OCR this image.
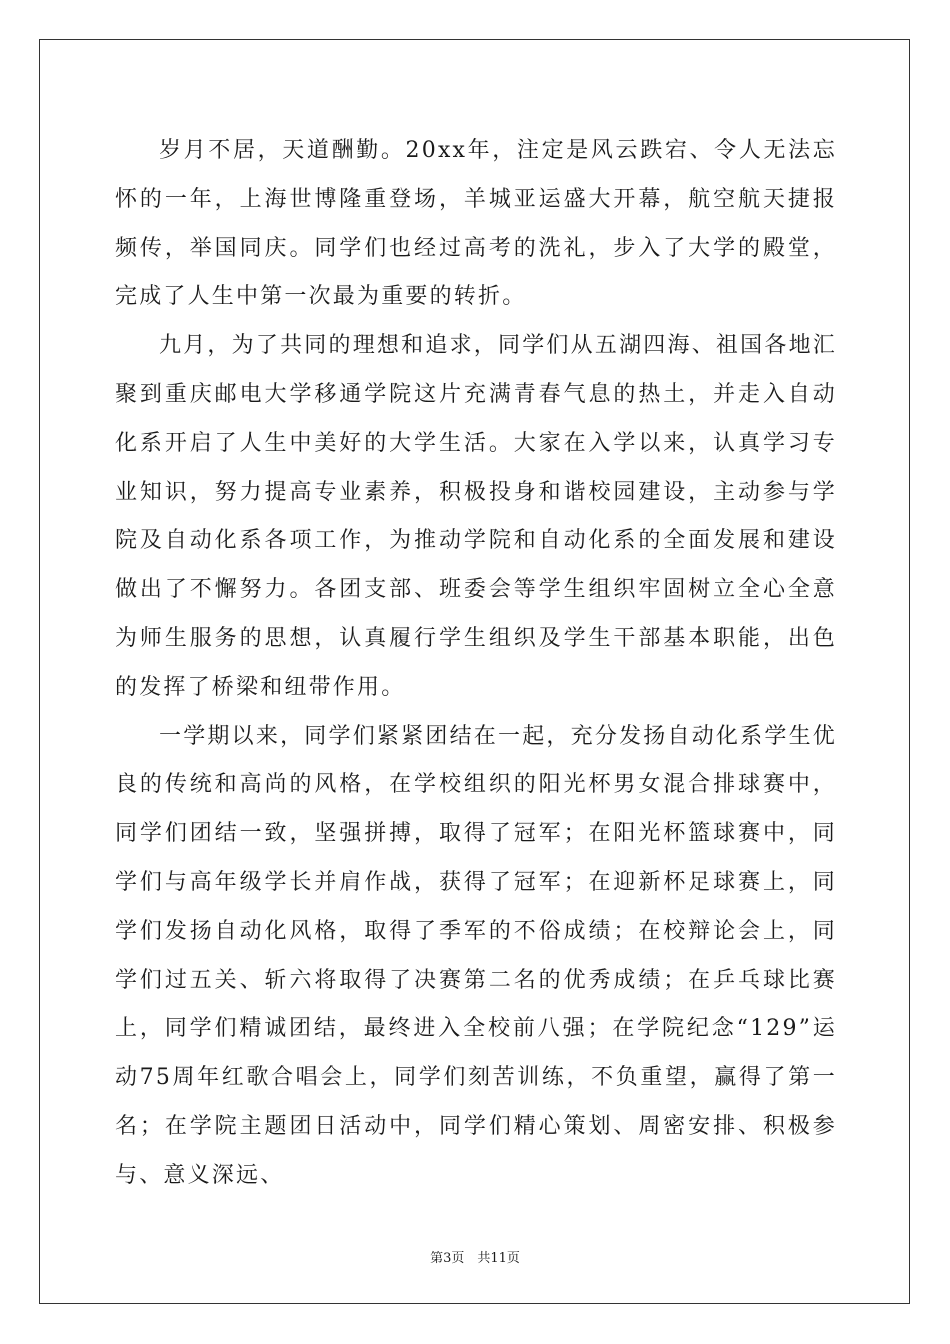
岁月不居，天道酬勤。20xx年，注定是风云跌宕、令人无法忘怀的一年，上海世博隆重登场，羊城亚运盛大开幕，航空航天捷报频传，举国同庆。同学们也经过高考的洗礼，步入了大学的殿堂，完成了人生中第一次最为重要的转折。

九月，为了共同的理想和追求，同学们从五湖四海、祖国各地汇聚到重庆邮电大学移通学院这片充满青春气息的热土，并走入自动化系开启了人生中美好的大学生活。大家在入学以来，认真学习专业知识，努力提高专业素养，积极投身和谐校园建设，主动参与学院及自动化系各项工作，为推动学院和自动化系的全面发展和建设做出了不懈努力。各团支部、班委会等学生组织牢固树立全心全意为师生服务的思想，认真履行学生组织及学生干部基本职能，出色的发挥了桥梁和纽带作用。

一学期以来，同学们紧紧团结在一起，充分发扬自动化系学生优良的传统和高尚的风格，在学校组织的阳光杯男女混合排球赛中，同学们团结一致，坚强拼搏，取得了冠军；在阳光杯篮球赛中，同学们与高年级学长并肩作战，获得了冠军；在迎新杯足球赛上，同学们发扬自动化风格，取得了季军的不俗成绩；在校辩论会上，同学们过五关、斩六将取得了决赛第二名的优秀成绩；在乒乓球比赛上，同学们精诚团结，最终进入全校前八强；在学院纪念“129”运动75周年红歌合唱会上，同学们刻苦训练，不负重望，赢得了第一名；在学院主题团日活动中，同学们精心策划、周密安排、积极参与、意义深远、

第3页　共11页
